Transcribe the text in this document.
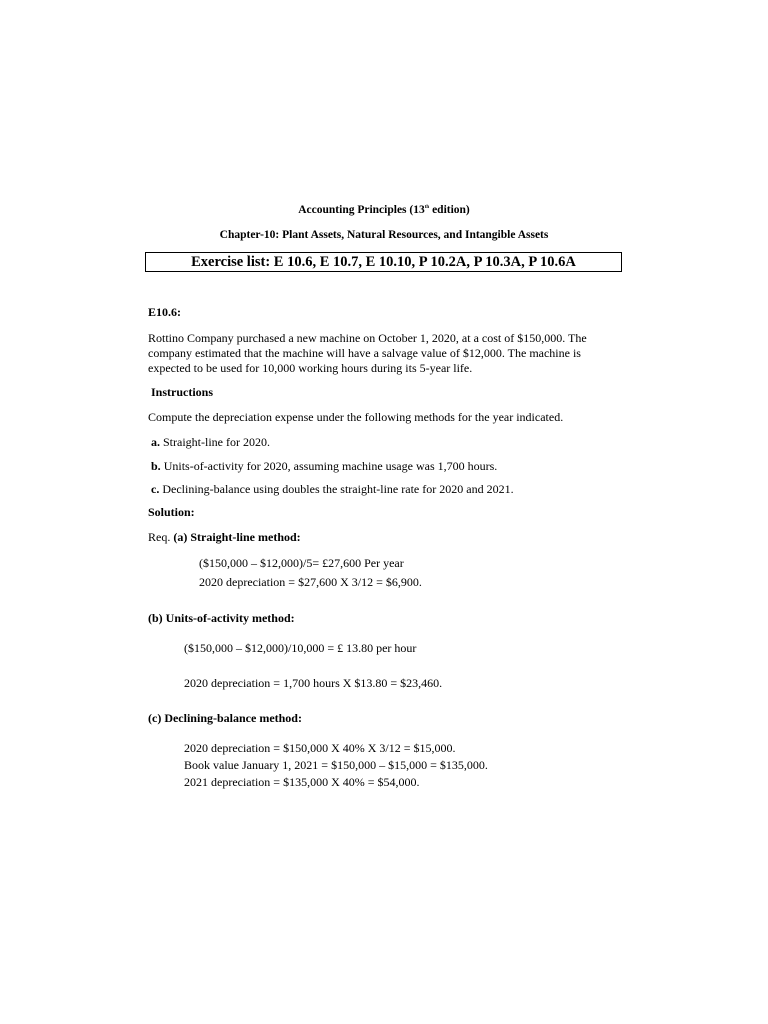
Accounting Principles (13th edition)
Chapter-10: Plant Assets, Natural Resources, and Intangible Assets
Exercise list: E 10.6, E 10.7, E 10.10, P 10.2A, P 10.3A, P 10.6A
E10.6:
Rottino Company purchased a new machine on October 1, 2020, at a cost of $150,000. The
company estimated that the machine will have a salvage value of $12,000. The machine is
expected to be used for 10,000 working hours during its 5-year life.
Instructions
Compute the depreciation expense under the following methods for the year indicated.
a. Straight-line for 2020.
b. Units-of-activity for 2020, assuming machine usage was 1,700 hours.
c. Declining-balance using doubles the straight-line rate for 2020 and 2021.
Solution:
Req. (a) Straight-line method:
($150,000 – $12,000)/5= £27,600 Per year
2020 depreciation = $27,600 X 3/12 = $6,900.
(b) Units-of-activity method:
($150,000 – $12,000)/10,000 = £ 13.80 per hour
2020 depreciation = 1,700 hours X $13.80 = $23,460.
(c) Declining-balance method:
2020 depreciation = $150,000 X 40% X 3/12 = $15,000.
Book value January 1, 2021 = $150,000 – $15,000 = $135,000.
2021 depreciation = $135,000 X 40% = $54,000.
